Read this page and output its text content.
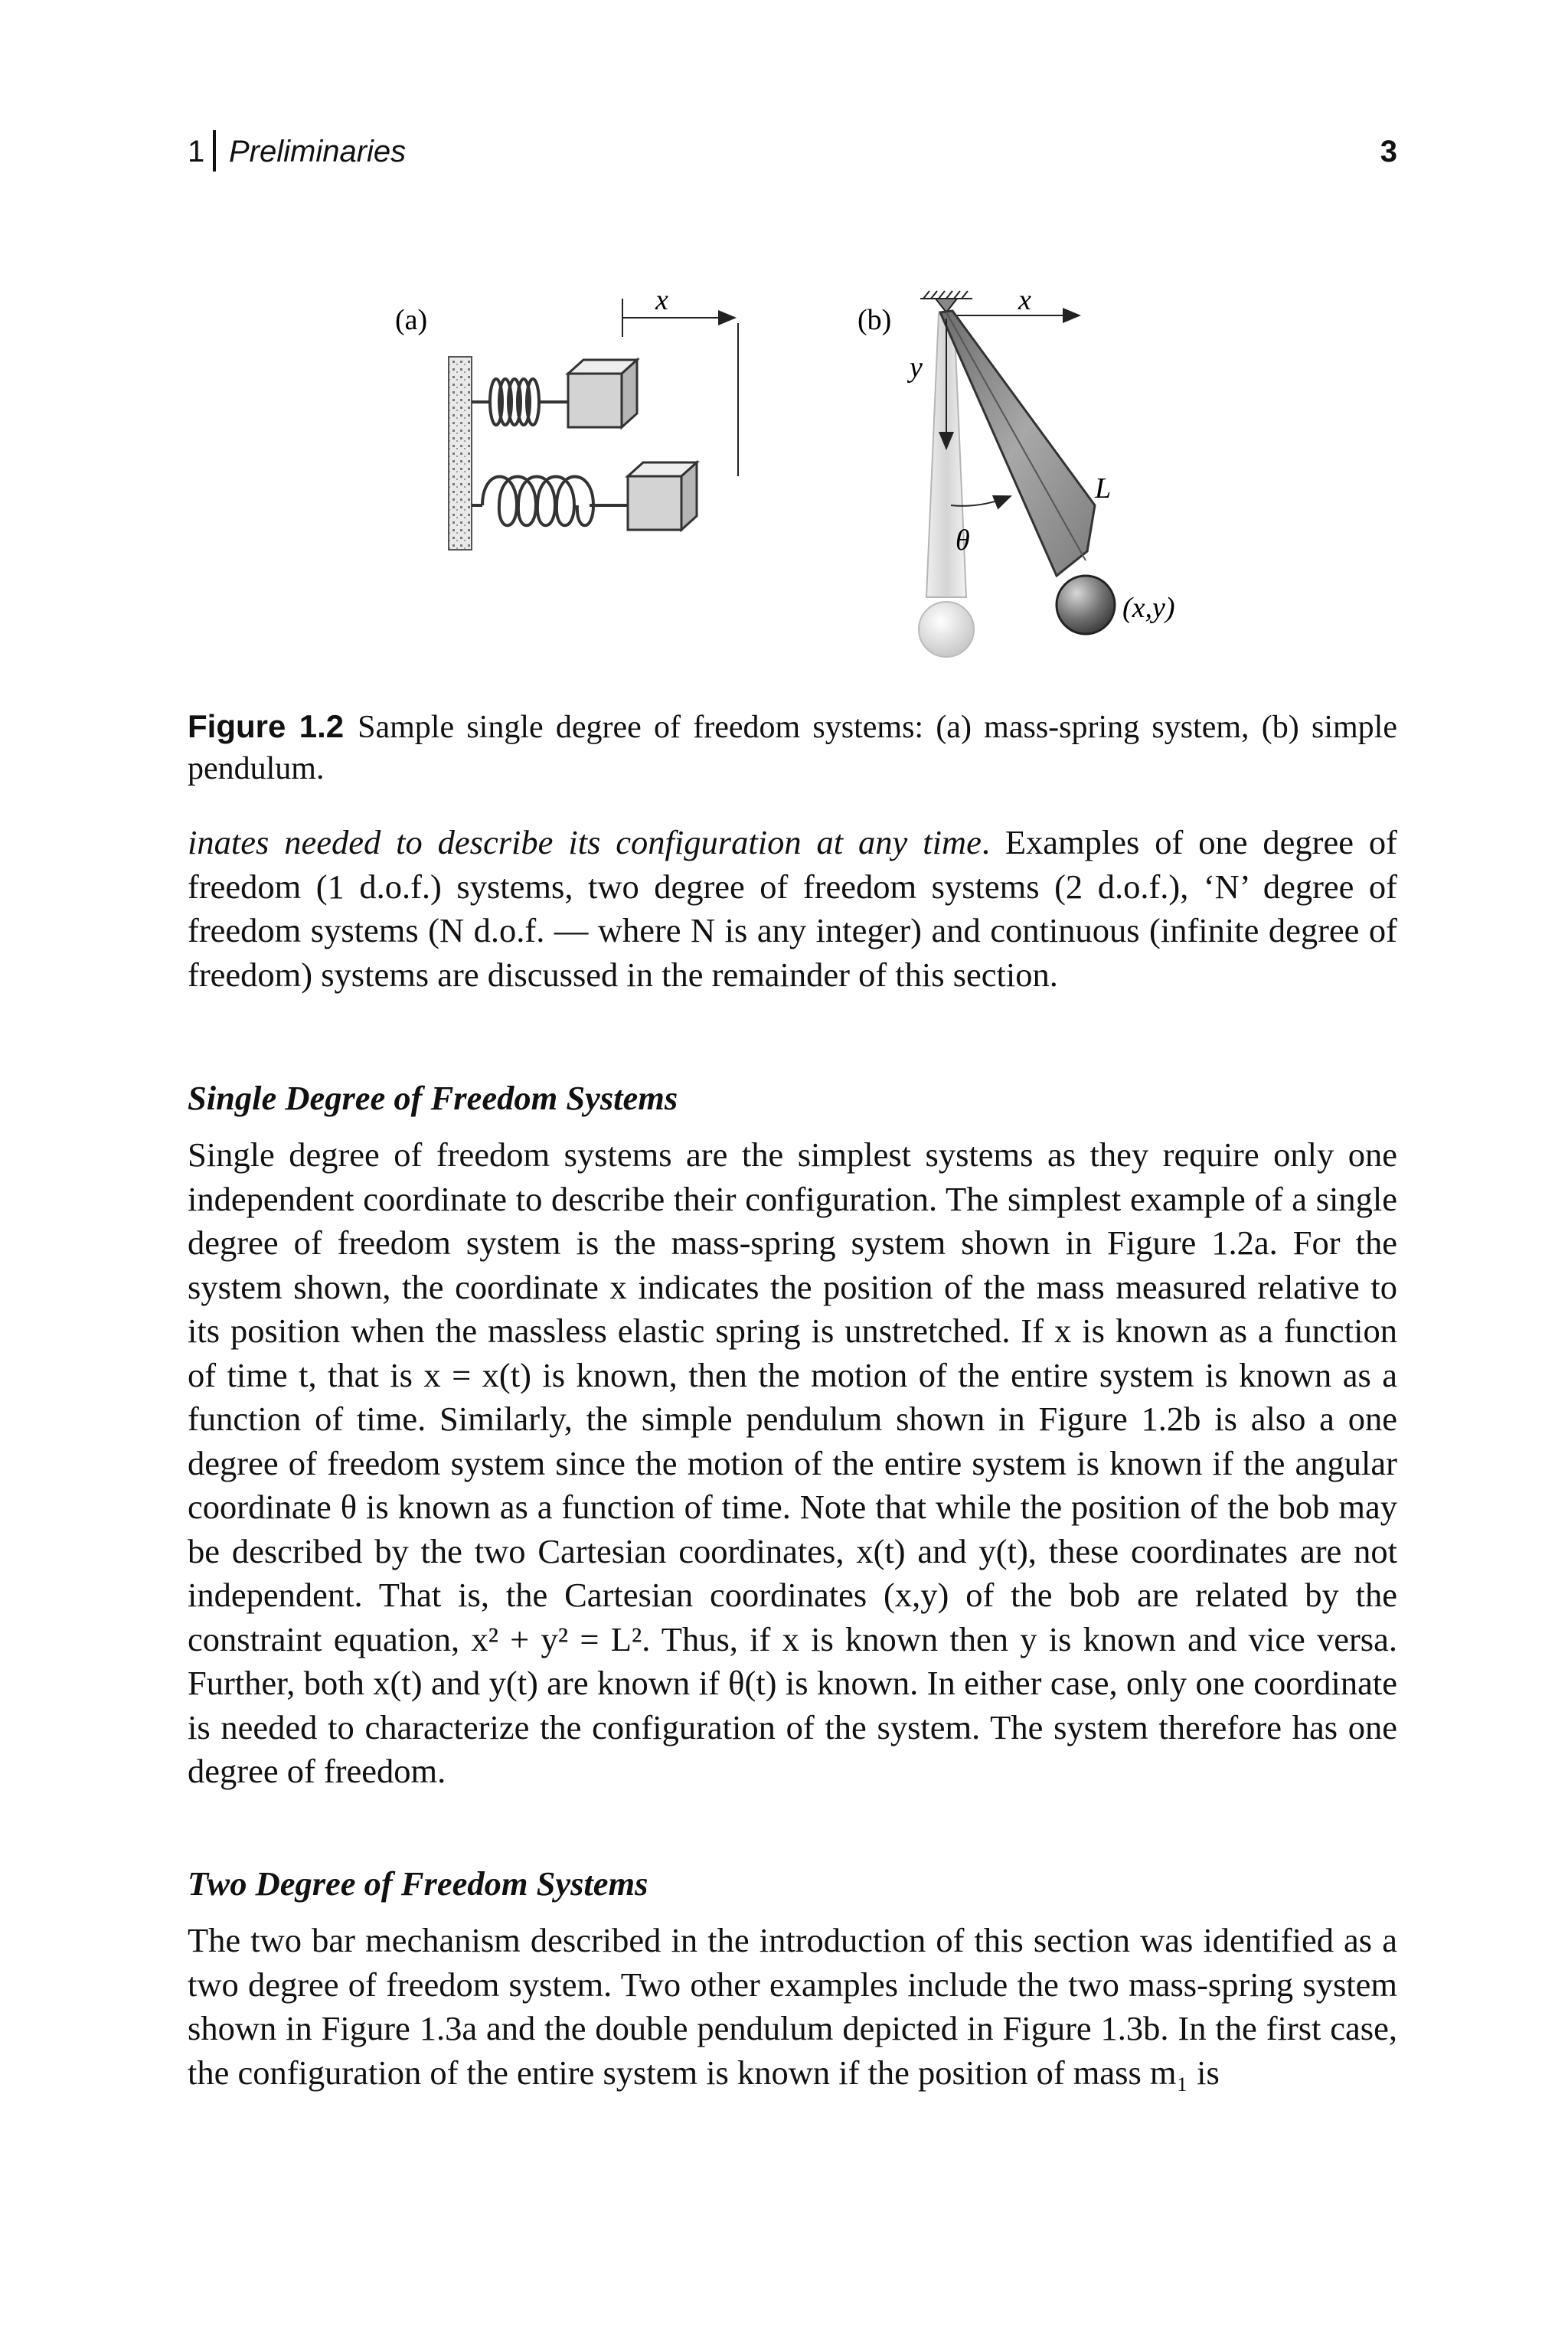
1 Preliminaries	3
(a)
x
(b)
x
y
θ
L
(x,y)
Figure 1.2 Sample single degree of freedom systems: (a) mass-spring system, (b) simple pendulum.
inates needed to describe its configuration at any time. Examples of one degree of freedom (1 d.o.f.) systems, two degree of freedom systems (2 d.o.f.), ‘N’ degree of freedom systems (N d.o.f. — where N is any integer) and continuous (infinite degree of freedom) systems are discussed in the remainder of this section.
Single Degree of Freedom Systems
Single degree of freedom systems are the simplest systems as they require only one independent coordinate to describe their configuration. The simplest example of a single degree of freedom system is the mass-spring system shown in Figure 1.2a. For the system shown, the coordinate x indicates the position of the mass measured relative to its position when the massless elastic spring is unstretched. If x is known as a function of time t, that is x = x(t) is known, then the motion of the entire system is known as a function of time. Similarly, the simple pendulum shown in Figure 1.2b is also a one degree of freedom system since the motion of the entire system is known if the angular coordinate θ is known as a function of time. Note that while the position of the bob may be described by the two Cartesian coordinates, x(t) and y(t), these coordinates are not independent. That is, the Cartesian coordinates (x,y) of the bob are related by the constraint equation, x² + y² = L². Thus, if x is known then y is known and vice versa. Further, both x(t) and y(t) are known if θ(t) is known. In either case, only one coordinate is needed to characterize the configuration of the system. The system therefore has one degree of freedom.
Two Degree of Freedom Systems
The two bar mechanism described in the introduction of this section was identified as a two degree of freedom system. Two other examples include the two mass-spring system shown in Figure 1.3a and the double pendulum depicted in Figure 1.3b. In the first case, the configuration of the entire system is known if the position of mass m₁ is
